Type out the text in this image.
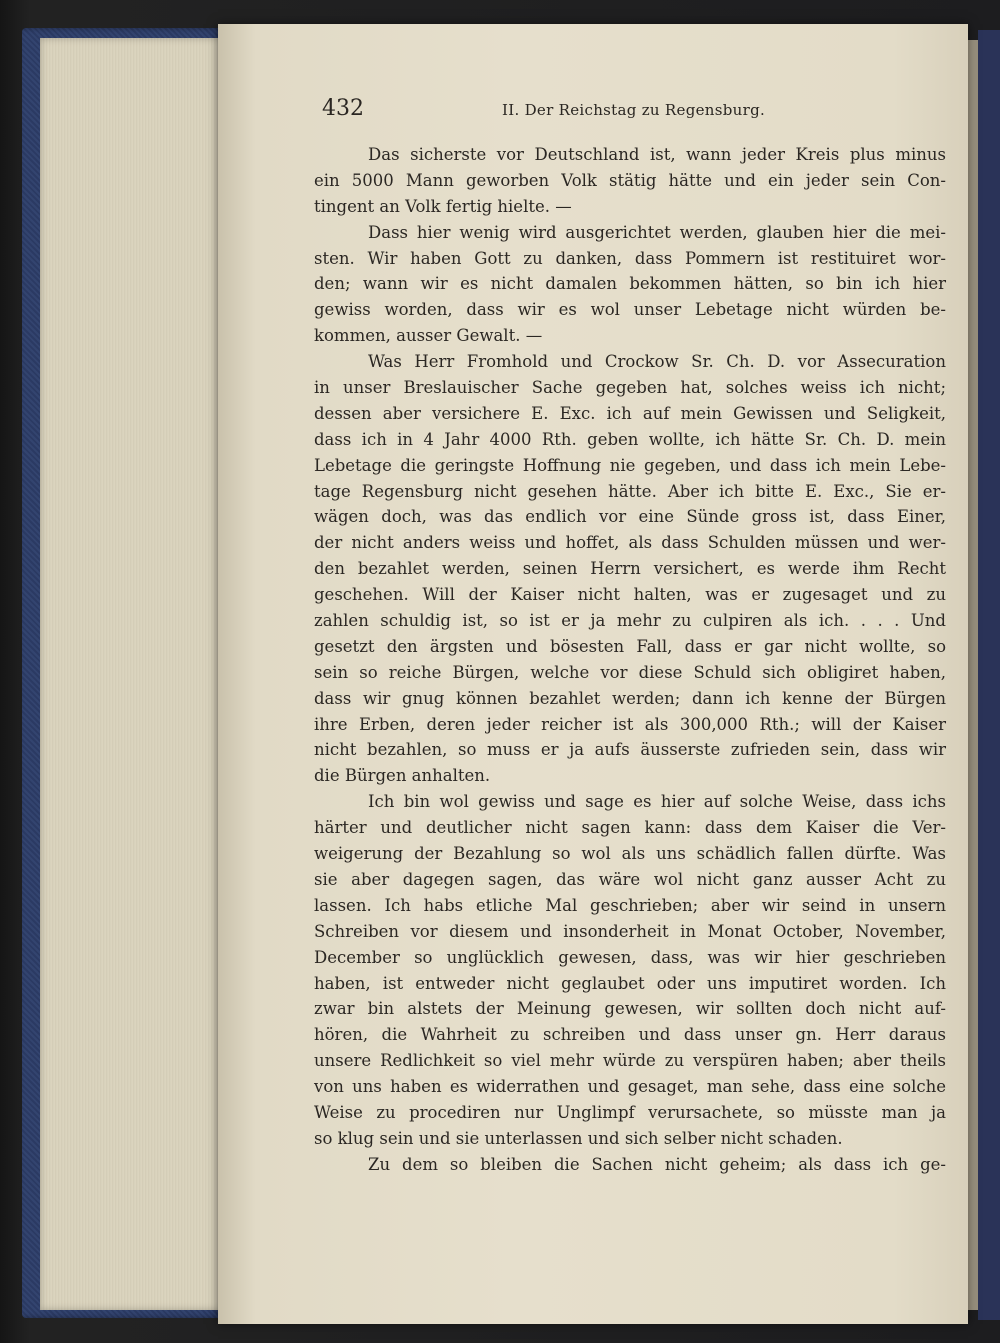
432	II. Der Reichstag zu Regensburg.
Das sicherste vor Deutschland ist, wann jeder Kreis plus minus
ein 5000 Mann geworben Volk stätig hätte und ein jeder sein Con-
tingent an Volk fertig hielte. —
Dass hier wenig wird ausgerichtet werden, glauben hier die mei-
sten. Wir haben Gott zu danken, dass Pommern ist restituiret wor-
den; wann wir es nicht damalen bekommen hätten, so bin ich hier
gewiss worden, dass wir es wol unser Lebetage nicht würden be-
kommen, ausser Gewalt. —
Was Herr Fromhold und Crockow Sr. Ch. D. vor Assecuration
in unser Breslauischer Sache gegeben hat, solches weiss ich nicht;
dessen aber versichere E. Exc. ich auf mein Gewissen und Seligkeit,
dass ich in 4 Jahr 4000 Rth. geben wollte, ich hätte Sr. Ch. D. mein
Lebetage die geringste Hoffnung nie gegeben, und dass ich mein Lebe-
tage Regensburg nicht gesehen hätte. Aber ich bitte E. Exc., Sie er-
wägen doch, was das endlich vor eine Sünde gross ist, dass Einer,
der nicht anders weiss und hoffet, als dass Schulden müssen und wer-
den bezahlet werden, seinen Herrn versichert, es werde ihm Recht
geschehen. Will der Kaiser nicht halten, was er zugesaget und zu
zahlen schuldig ist, so ist er ja mehr zu culpiren als ich. . . . Und
gesetzt den ärgsten und bösesten Fall, dass er gar nicht wollte, so
sein so reiche Bürgen, welche vor diese Schuld sich obligiret haben,
dass wir gnug können bezahlet werden; dann ich kenne der Bürgen
ihre Erben, deren jeder reicher ist als 300,000 Rth.; will der Kaiser
nicht bezahlen, so muss er ja aufs äusserste zufrieden sein, dass wir
die Bürgen anhalten.
Ich bin wol gewiss und sage es hier auf solche Weise, dass ichs
härter und deutlicher nicht sagen kann: dass dem Kaiser die Ver-
weigerung der Bezahlung so wol als uns schädlich fallen dürfte. Was
sie aber dagegen sagen, das wäre wol nicht ganz ausser Acht zu
lassen. Ich habs etliche Mal geschrieben; aber wir seind in unsern
Schreiben vor diesem und insonderheit in Monat October, November,
December so unglücklich gewesen, dass, was wir hier geschrieben
haben, ist entweder nicht geglaubet oder uns imputiret worden. Ich
zwar bin alstets der Meinung gewesen, wir sollten doch nicht auf-
hören, die Wahrheit zu schreiben und dass unser gn. Herr daraus
unsere Redlichkeit so viel mehr würde zu verspüren haben; aber theils
von uns haben es widerrathen und gesaget, man sehe, dass eine solche
Weise zu procediren nur Unglimpf verursachete, so müsste man ja
so klug sein und sie unterlassen und sich selber nicht schaden.
Zu dem so bleiben die Sachen nicht geheim; als dass ich ge-
